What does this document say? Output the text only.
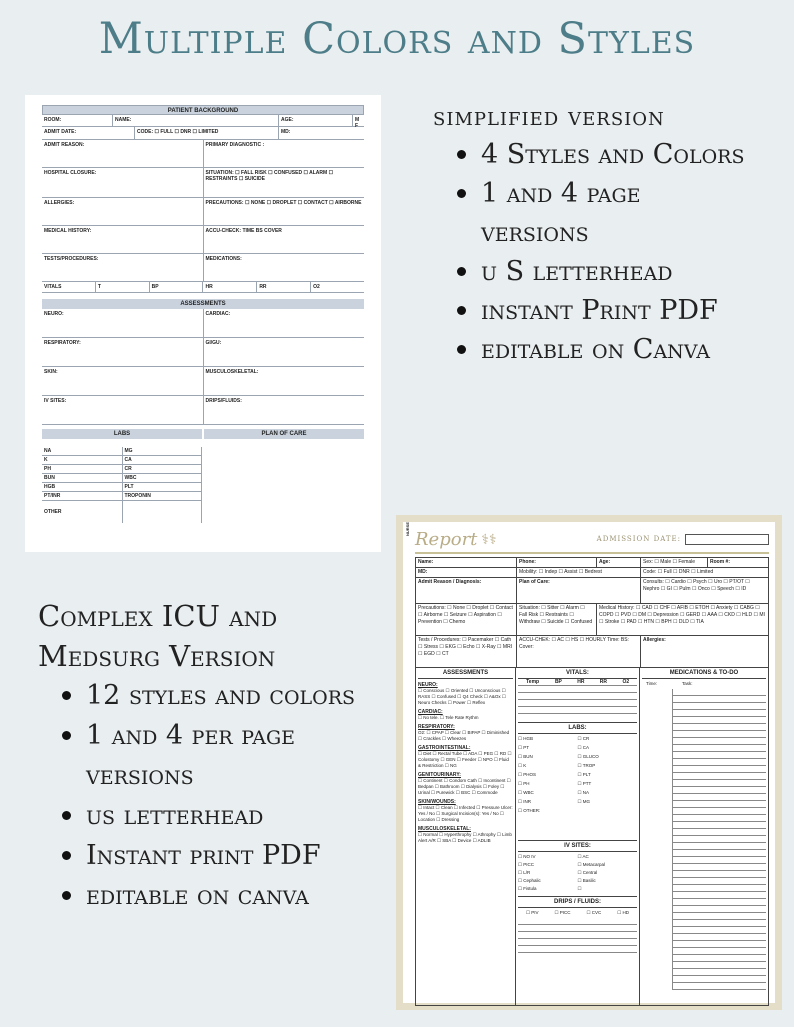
Multiple Colors and Styles
PATIENT BACKGROUND
ROOM:	NAME:	AGE:	M F
ADMIT DATE:	CODE: ☐ FULL ☐ DNR ☐ LIMITED	MD:
ADMIT REASON:	PRIMARY DIAGNOSTIC :
HOSPITAL CLOSURE:	SITUATION: ☐ FALL RISK ☐ CONFUSED ☐ ALARM ☐ RESTRAINTS ☐ SUICIDE
ALLERGIES:	PRECAUTIONS: ☐ NONE ☐ DROPLET ☐ CONTACT ☐ AIRBORNE
MEDICAL HISTORY:	ACCU-CHECK: TIME BS COVER
TESTS/PROCEDURES:	MEDICATIONS:
VITALS	T	BP	HR	RR	O2
ASSESSMENTS
NEURO:	CARDIAC:
RESPIRATORY:	GI/GU:
SKIN:	MUSCULOSKELETAL:
IV SITES:	DRIPS/FLUIDS:
LABS	PLAN OF CARE
NA	MG
K	CA
PH	CR
BUN	WBC
HGB	PLT
PT/INR	TROPONIN
OTHER
simplified version
4 Styles and Colors
1 and 4 page versions
u S letterhead
instant Print PDF
editable on Canva
Complex ICU and Medsurg Version
12 styles and colors
1 and 4 per page versions
us letterhead
Instant print PDF
editable on canva
NURSE Report ⚕⚕	ADMISSION DATE:
Name:	Phone:	Age:	Sex: ☐ Male ☐ Female	Room #:
MD:	Mobility: ☐ Indep ☐ Assist ☐ Bedrest	Code: ☐ Full ☐ DNR ☐ Limited
Admit Reason / Diagnosis:	Plan of Care:	Consults: ☐ Cardio ☐ Psych ☐ Uro ☐ PT/OT ☐ Nephro ☐ GI ☐ Pulm ☐ Onco ☐ Speech ☐ ID
Precautions: ☐ None ☐ Droplet ☐ Contact ☐ Airborne ☐ Seizure ☐ Aspiration ☐ Prevention ☐ Chemo
Situation: ☐ Sitter ☐ Alarm ☐ Fall Risk ☐ Restraints ☐ Withdraw ☐ Suicide ☐ Confused
Medical History: ☐ CAD ☐ CHF ☐ AFIB ☐ ETOH ☐ Anxiety ☐ CABG ☐ COPD ☐ PVD ☐ DM ☐ Depression ☐ GERD ☐ AAA ☐ CKD ☐ HLD ☐ MI ☐ Stroke ☐ PAD ☐ HTN ☐ BPH ☐ DLD ☐ TIA
Tests / Procedures: ☐ Pacemaker ☐ Cath ☐ Stress ☐ EKG ☐ Echo ☐ X-Ray ☐ MRI ☐ EGD ☐ CT
ACCU-CHEK: ☐ AC ☐ HS ☐ HOURLY Time: BS: Cover:
Allergies:
ASSESSMENTS
NEURO:
☐ Conscious ☐ Oriented ☐ Unconscious ☐ RASS ☐ Confused ☐ Q4 Check ☐ A&Ox ☐ Neuro Checks ☐ Power ☐ Reflex
CARDIAC:
☐ No tele. ☐ Tele Rate Rythm
RESPIRATORY:
O2: ☐ CPAP ☐ Clear ☐ BIPAP ☐ Diminished ☐ Crackles ☐ Wheezes
GASTROINTESTINAL:
☐ Diet ☐ Rectal Tube ☐ ADA ☐ PEG ☐ RD ☐ Colostomy ☐ GEN ☐ Feeder ☐ NPO ☐ Fluid & Restriction ☐ NG
GENITOURINARY:
☐ Continent ☐ Condom Cath ☐ Incontinent ☐ Bedpan ☐ Bathroom ☐ Dialysis ☐ Foley ☐ Urinal ☐ Purewick ☐ BSC ☐ Commode
SKIN/WOUNDS:
☐ Intact ☐ Clean ☐ Infected ☐ Pressure Ulcer: Yes / No ☐ Surgical Incision(s): Yes / No ☐ Location ☐ Dressing
MUSCULOSKELETAL:
☐ Normal ☐ Hyperthrophy ☐ Athrophy ☐ Limb Alert A/R ☐ SBA ☐ Device ☐ ADLIB
VITALS:
Temp	BP	HR	RR	O2
LABS:
☐ HGB	☐ CR
☐ PT	☐ CA
☐ BUN	☐ GLUCO
☐ K	☐ TROP
☐ PHOS	☐ PLT
☐ PH	☐ PTT
☐ WBC	☐ NA
☐ INR	☐ MG
☐ OTHER:
IV SITES:
☐ NO IV	☐ AC
☐ PICC	☐ Metacarpal
☐ L/R	☐ Central
☐ Cephalic	☐ Basilic
☐ Fistula	☐
DRIPS / FLUIDS:
☐ PIV	☐ PICC	☐ CVC	☐ HD
MEDICATIONS & TO-DO
Time:	Task:
